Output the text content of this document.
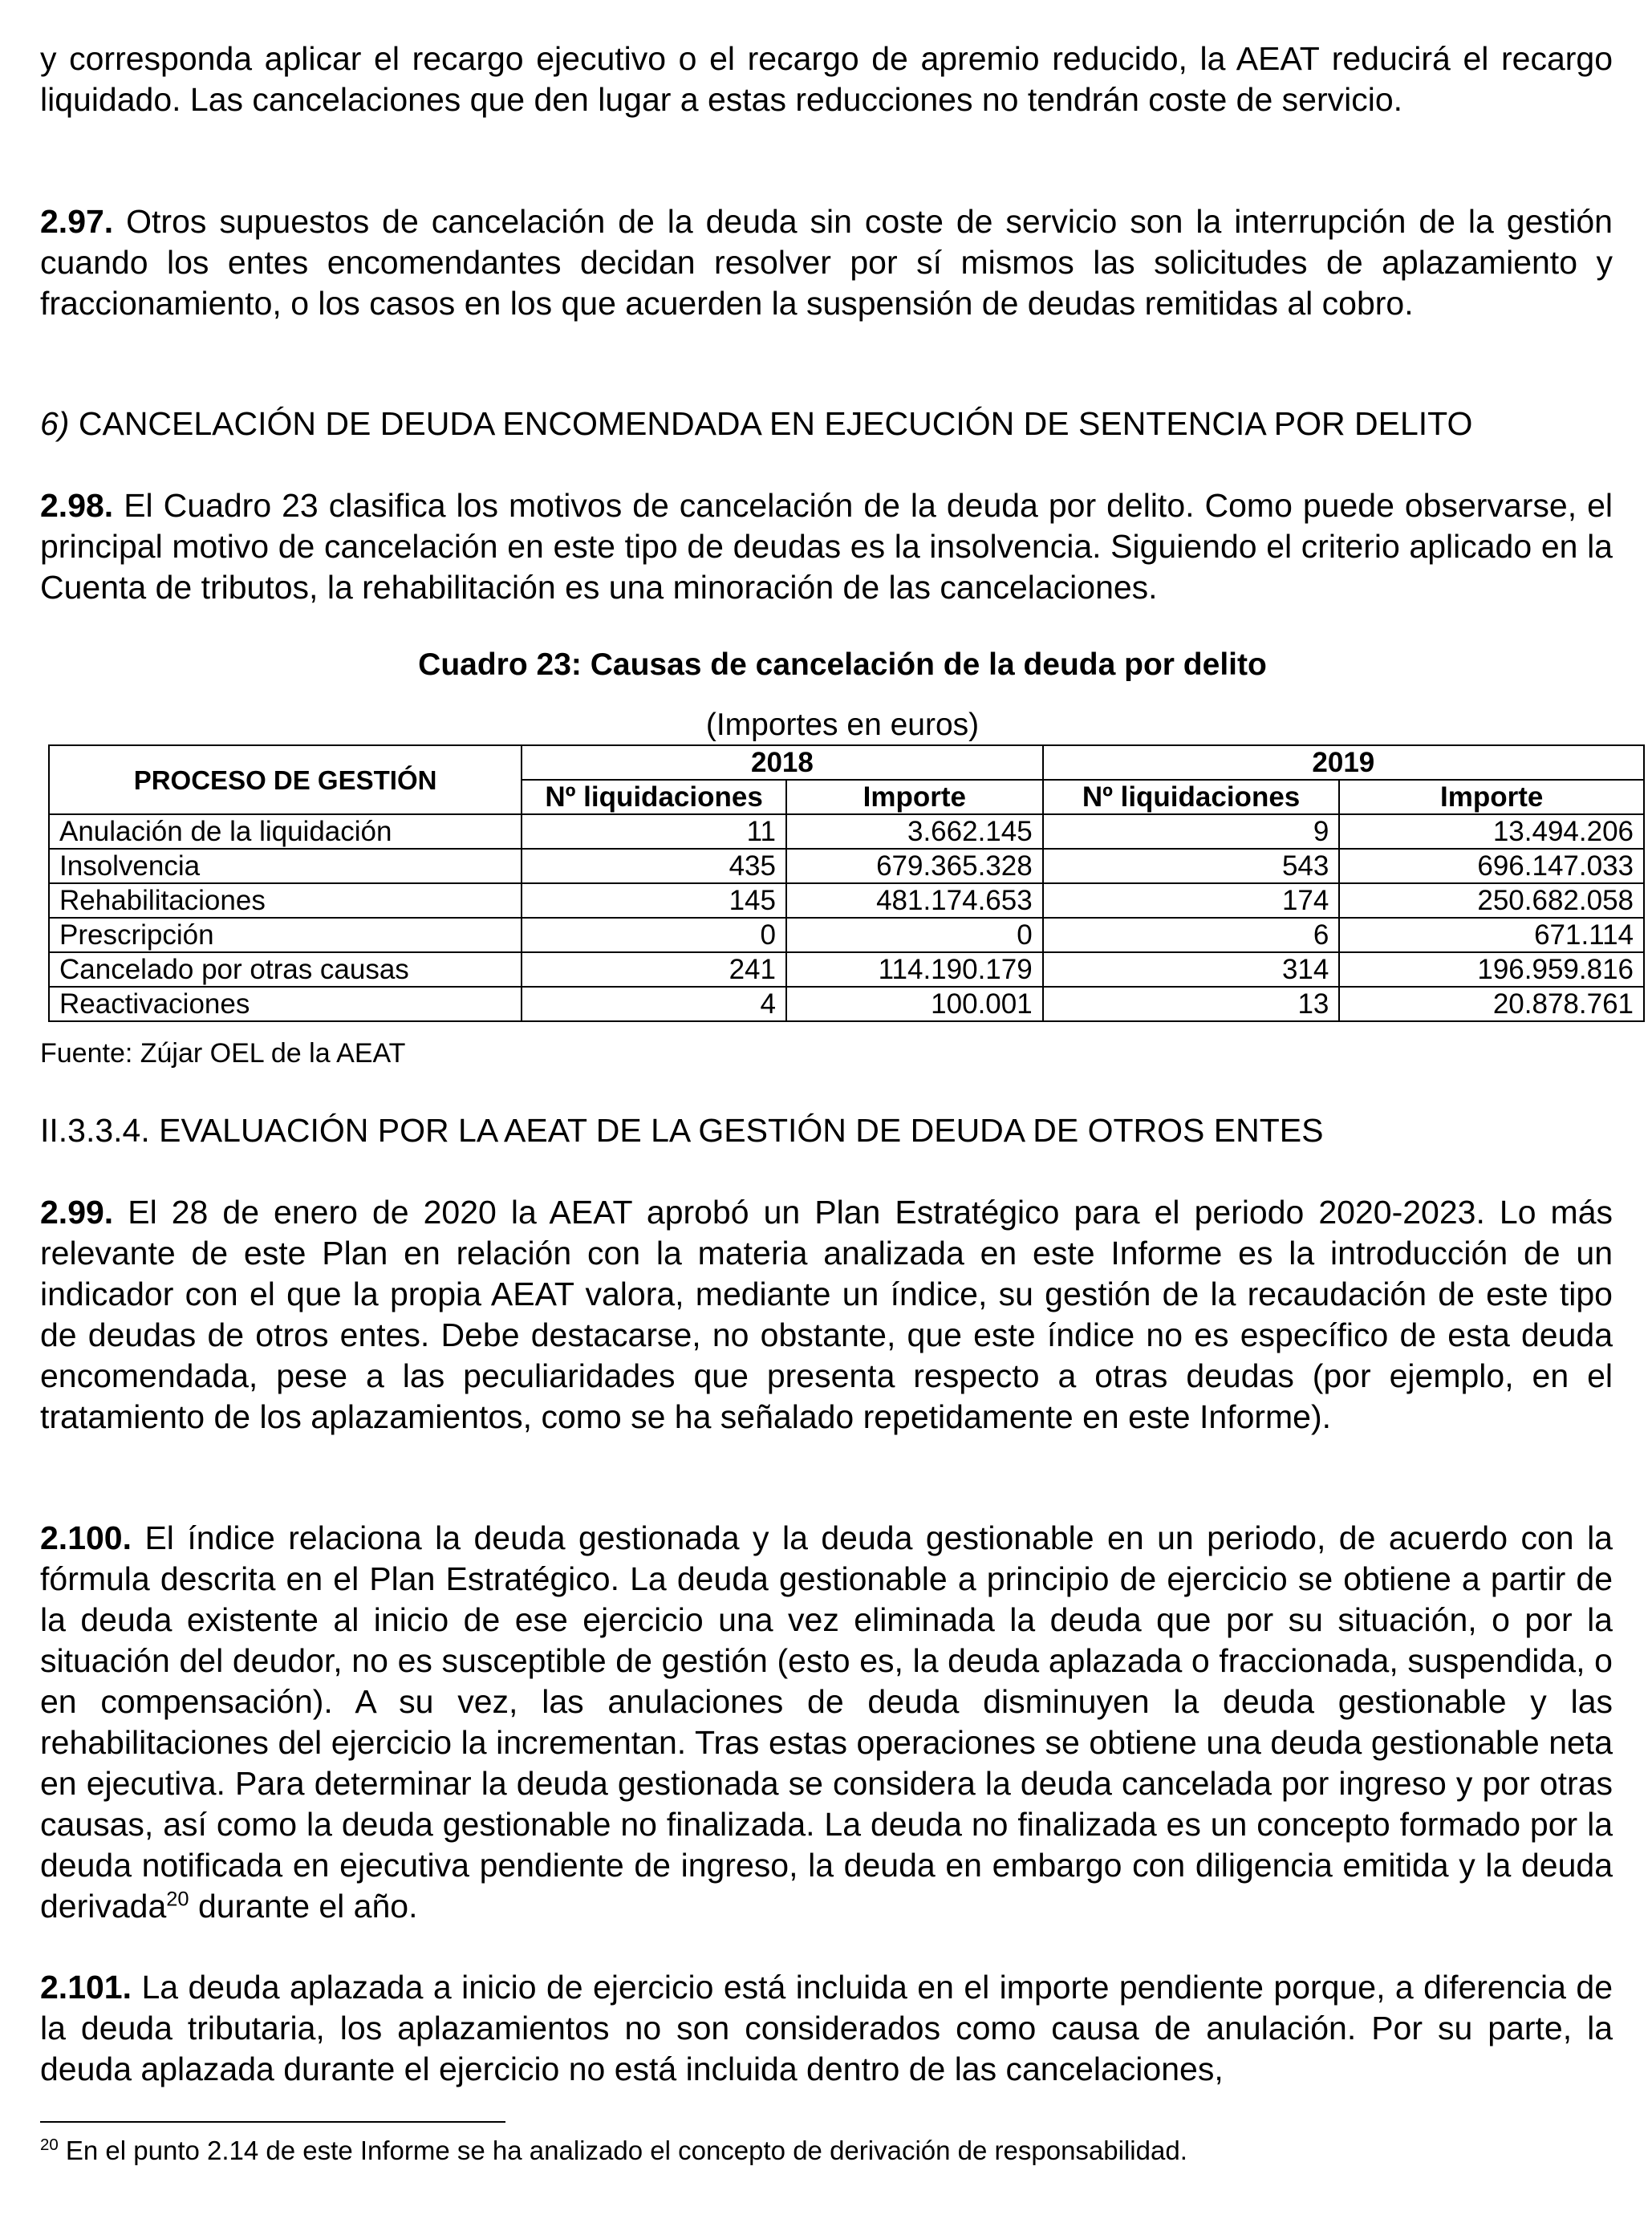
y corresponda aplicar el recargo ejecutivo o el recargo de apremio reducido, la AEAT reducirá el recargo liquidado. Las cancelaciones que den lugar a estas reducciones no tendrán coste de servicio.

2.97. Otros supuestos de cancelación de la deuda sin coste de servicio son la interrupción de la gestión cuando los entes encomendantes decidan resolver por sí mismos las solicitudes de aplazamiento y fraccionamiento, o los casos en los que acuerden la suspensión de deudas remitidas al cobro.

6) CANCELACIÓN DE DEUDA ENCOMENDADA EN EJECUCIÓN DE SENTENCIA POR DELITO

2.98. El Cuadro 23 clasifica los motivos de cancelación de la deuda por delito. Como puede observarse, el principal motivo de cancelación en este tipo de deudas es la insolvencia. Siguiendo el criterio aplicado en la Cuenta de tributos, la rehabilitación es una minoración de las cancelaciones.

Cuadro 23: Causas de cancelación de la deuda por delito
(Importes en euros)
PROCESO DE GESTIÓN	2018		2019	
	Nº liquidaciones	Importe	Nº liquidaciones	Importe
Anulación de la liquidación	11	3.662.145	9	13.494.206
Insolvencia	435	679.365.328	543	696.147.033
Rehabilitaciones	145	481.174.653	174	250.682.058
Prescripción	0	0	6	671.114
Cancelado por otras causas	241	114.190.179	314	196.959.816
Reactivaciones	4	100.001	13	20.878.761
Fuente: Zújar OEL de la AEAT

II.3.3.4. EVALUACIÓN POR LA AEAT DE LA GESTIÓN DE DEUDA DE OTROS ENTES

2.99. El 28 de enero de 2020 la AEAT aprobó un Plan Estratégico para el periodo 2020-2023. Lo más relevante de este Plan en relación con la materia analizada en este Informe es la introducción de un indicador con el que la propia AEAT valora, mediante un índice, su gestión de la recaudación de este tipo de deudas de otros entes. Debe destacarse, no obstante, que este índice no es específico de esta deuda encomendada, pese a las peculiaridades que presenta respecto a otras deudas (por ejemplo, en el tratamiento de los aplazamientos, como se ha señalado repetidamente en este Informe).

2.100. El índice relaciona la deuda gestionada y la deuda gestionable en un periodo, de acuerdo con la fórmula descrita en el Plan Estratégico. La deuda gestionable a principio de ejercicio se obtiene a partir de la deuda existente al inicio de ese ejercicio una vez eliminada la deuda que por su situación, o por la situación del deudor, no es susceptible de gestión (esto es, la deuda aplazada o fraccionada, suspendida, o en compensación). A su vez, las anulaciones de deuda disminuyen la deuda gestionable y las rehabilitaciones del ejercicio la incrementan. Tras estas operaciones se obtiene una deuda gestionable neta en ejecutiva. Para determinar la deuda gestionada se considera la deuda cancelada por ingreso y por otras causas, así como la deuda gestionable no finalizada. La deuda no finalizada es un concepto formado por la deuda notificada en ejecutiva pendiente de ingreso, la deuda en embargo con diligencia emitida y la deuda derivada$^{20}$ durante el año.

2.101. La deuda aplazada a inicio de ejercicio está incluida en el importe pendiente porque, a diferencia de la deuda tributaria, los aplazamientos no son considerados como causa de anulación. Por su parte, la deuda aplazada durante el ejercicio no está incluida dentro de las cancelaciones,

$^{20}$ En el punto 2.14 de este Informe se ha analizado el concepto de derivación de responsabilidad.
